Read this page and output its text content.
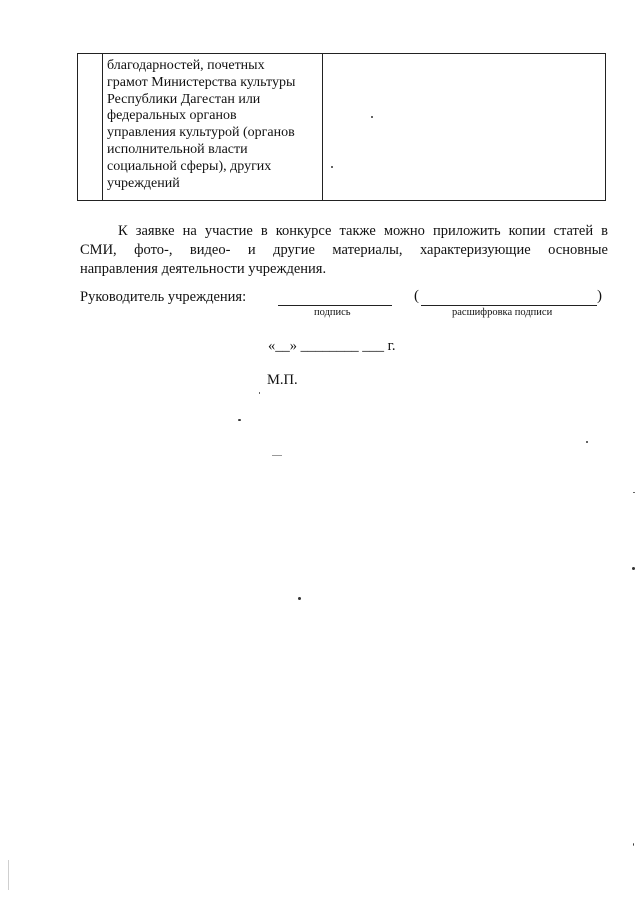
благодарностей, почетных
грамот Министерства культуры
Республики Дагестан или
федеральных органов
управления культурой (органов
исполнительной власти
социальной сферы), других
учреждений
К заявке на участие в конкурсе также можно приложить копии статей в
СМИ, фото-, видео- и другие материалы, характеризующие основные
направления деятельности учреждения.
Руководитель учреждения:
подпись
(	)
расшифровка подписи
«__» ________ ___ г.
М.П.
